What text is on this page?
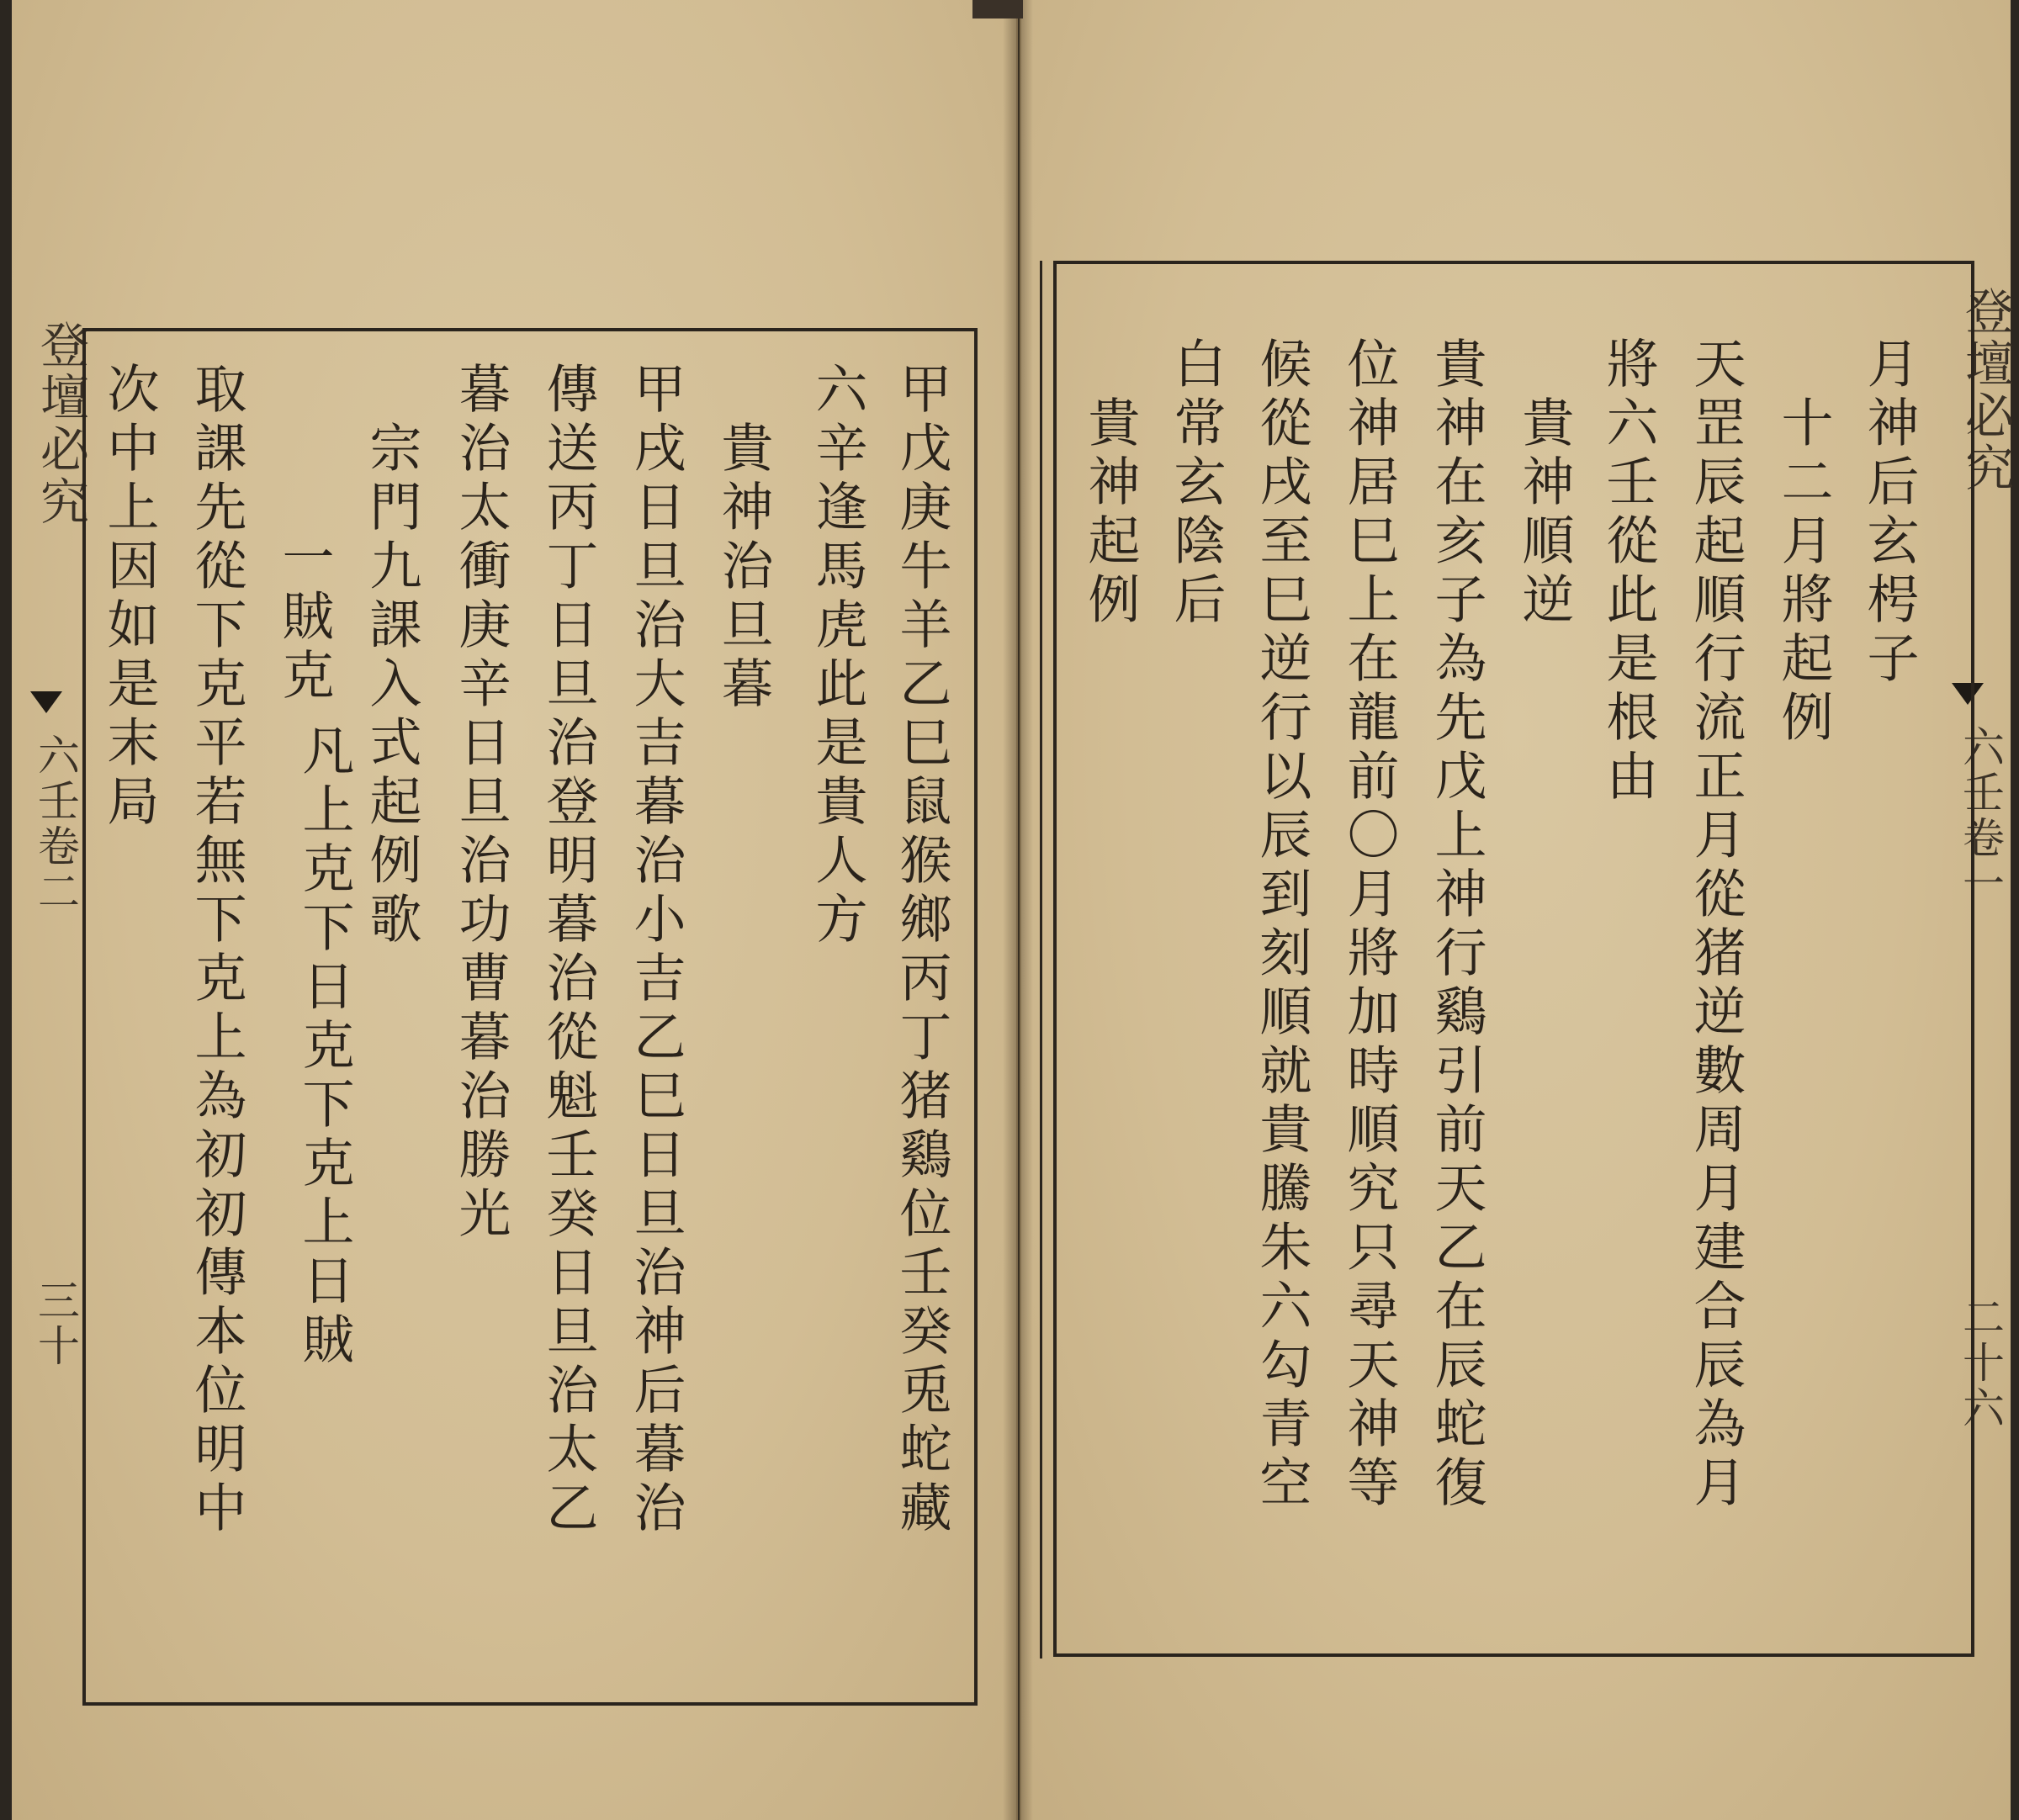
登壇必究
六壬卷二
三十
登壇必究
六壬卷一
二十六
甲戊庚牛羊乙巳鼠猴鄉丙丁猪鷄位壬癸兎蛇藏
六辛逢馬虎此是貴人方
貴神治旦暮
甲戌日旦治大吉暮治小吉乙巳日旦治神后暮治
傳送丙丁日旦治登明暮治從魁壬癸日旦治太乙
暮治太衝庚辛日旦治功曹暮治勝光
宗門九課入式起例歌
一賊克
凡上克下日克下克上日賊
取課先從下克平若無下克上為初初傳本位明中
次中上因如是末局	月神后玄枵子
十二月將起例
天罡辰起順行流正月從猪逆數周月建合辰為月
將六壬從此是根由
貴神順逆
貴神在亥子為先戊上神行鷄引前天乙在辰蛇復
位神居巳上在龍前〇月將加時順究只尋天神等
候從戌至巳逆行以辰到刻順就貴騰朱六勾青空
白常玄陰后
貴神起例
